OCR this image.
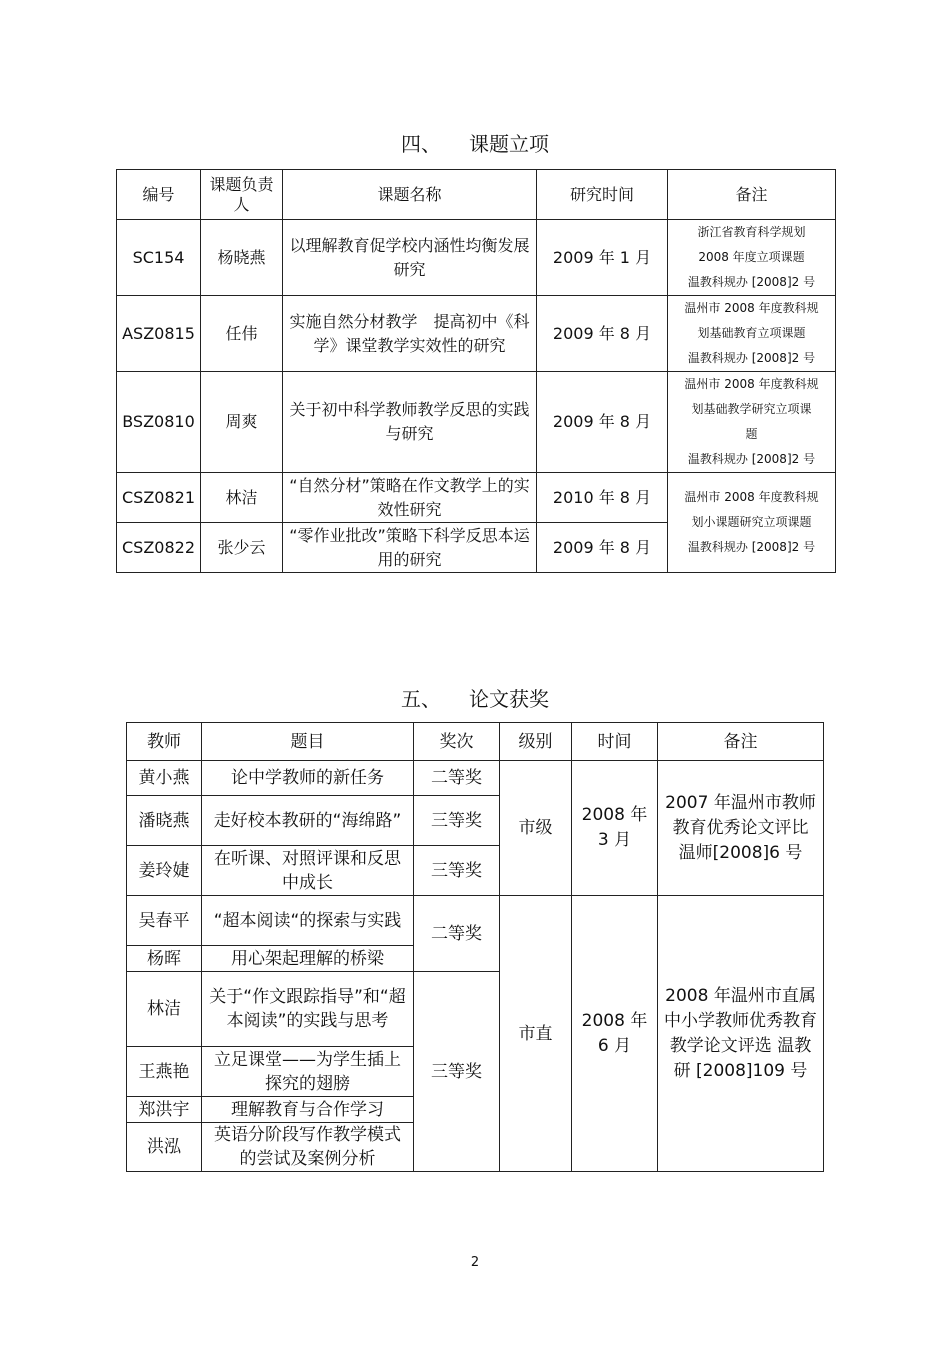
四、 课题立项
编号	课题负责人	课题名称	研究时间	备注
SC154	杨晓燕	以理解教育促学校内涵性均衡发展研究	2009 年 1 月	浙江省教育科学规划
2008 年度立项课题
温教科规办 [2008]2 号

ASZ0815	任伟	实施自然分材教学　提高初中《科学》课堂教学实效性的研究	2009 年 8 月	温州市 2008 年度教科规
划基础教育立项课题
温教科规办 [2008]2 号

BSZ0810	周爽	关于初中科学教师教学反思的实践与研究	2009 年 8 月	温州市 2008 年度教科规
划基础教学研究立项课
题
温教科规办 [2008]2 号

CSZ0821	林洁	“自然分材”策略在作文教学上的实效性研究	2010 年 8 月	温州市 2008 年度教科规
划小课题研究立项课题
温教科规办 [2008]2 号

CSZ0822	张少云	“零作业批改”策略下科学反思本运用的研究	2009 年 8 月	
五、 论文获奖
教师	题目	奖次	级别	时间	备注
黄小燕	论中学教师的新任务	二等奖	市级	2008 年 3 月	2007 年温州市教师教育优秀论文评比 温师[2008]6 号
潘晓燕	走好校本教研的“海绵路”	三等奖			
姜玲婕	在听课、对照评课和反思中成长	三等奖			
吴春平	“超本阅读“的探索与实践	二等奖	市直	2008 年 6 月	2008 年温州市直属中小学教师优秀教育教学论文评选 温教研 [2008]109 号
杨晖	用心架起理解的桥梁				
林洁	关于“作文跟踪指导”和“超本阅读”的实践与思考	三等奖			
王燕艳	立足课堂——为学生插上探究的翅膀				
郑洪宇	理解教育与合作学习				
洪泓	英语分阶段写作教学模式的尝试及案例分析				
2
